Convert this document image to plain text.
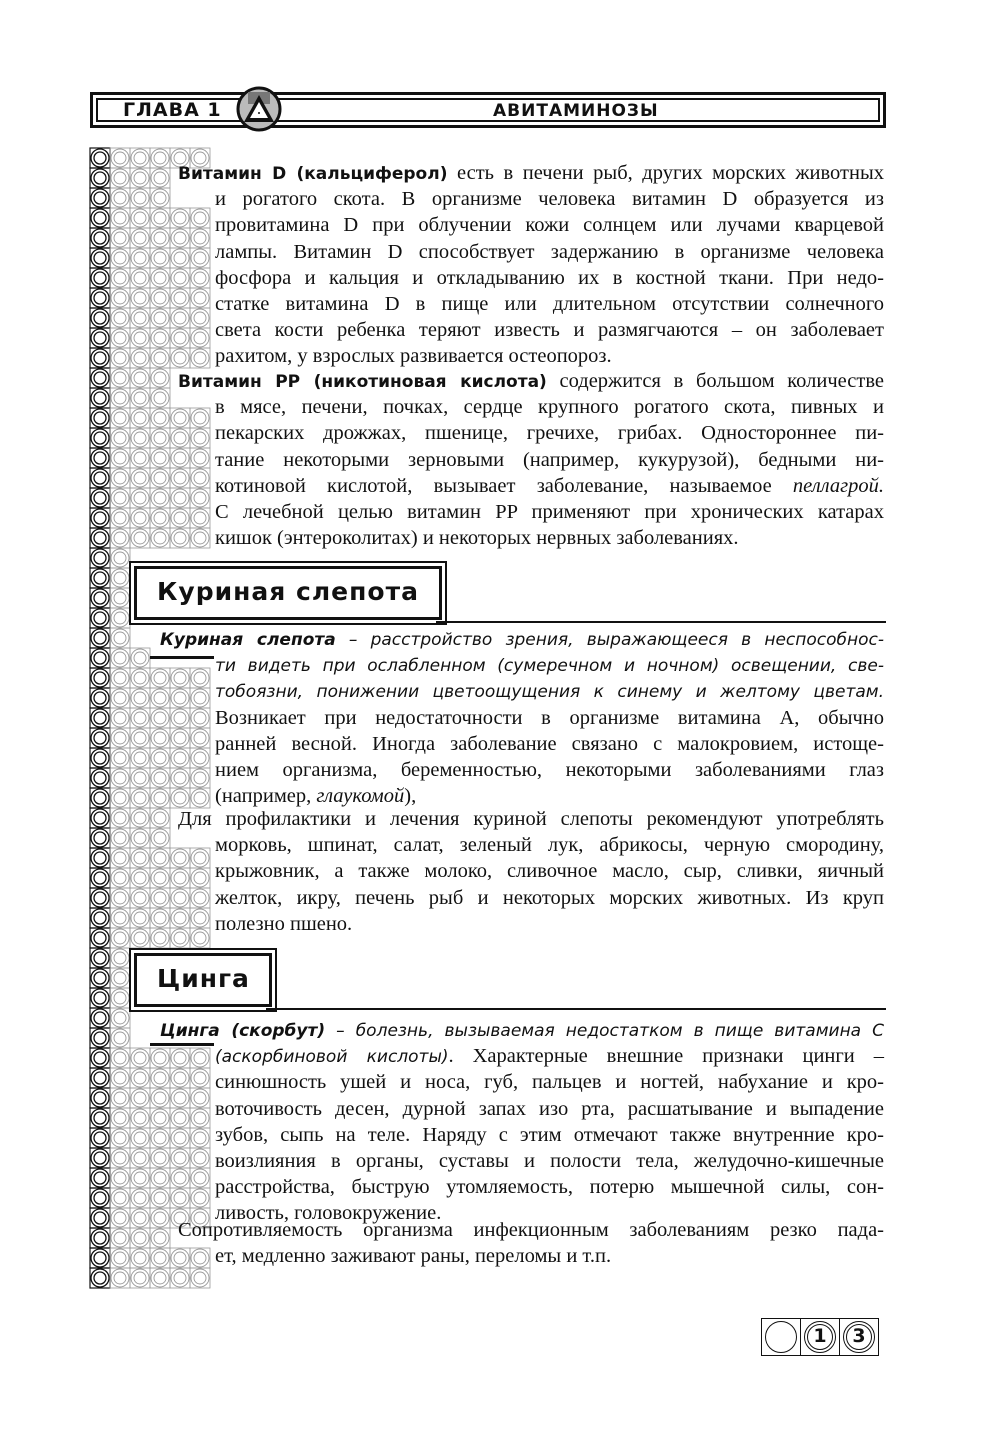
ГЛАВА 1	АВИТАМИНОЗЫ
Витамин D (кальциферол) есть в печени рыб, других морских животных
и рогатого скота. В организме человека витамин D образуется из
провитамина D при облучении кожи солнцем или лучами кварцевой
лампы. Витамин D способствует задержанию в организме человека
фосфора и кальция и откладыванию их в костной ткани. При недо-
статке витамина D в пище или длительном отсутствии солнечного
света кости ребенка теряют известь и размягчаются – он заболевает
рахитом, у взрослых развивается остеопороз.
Витамин PP (никотиновая кислота) содержится в большом количестве
в мясе, печени, почках, сердце крупного рогатого скота, пивных и
пекарских дрожжах, пшенице, гречихе, грибах. Одностороннее пи-
тание некоторыми зерновыми (например, кукурузой), бедными ни-
котиновой кислотой, вызывает заболевание, называемое пеллагрой.
С лечебной целью витамин PP применяют при хронических катарах
кишок (энтероколитах) и некоторых нервных заболеваниях.
Куриная слепота – расстройство зрения, выражающееся в неспособнос-
ти видеть при ослабленном (сумеречном и ночном) освещении, све-
тобоязни, понижении цветоощущения к синему и желтому цветам.
Возникает при недостаточности в организме витамина А, обычно
ранней весной. Иногда заболевание связано с малокровием, истоще-
нием организма, беременностью, некоторыми заболеваниями глаз
(например, глаукомой),
Для профилактики и лечения куриной слепоты рекомендуют употреблять
морковь, шпинат, салат, зеленый лук, абрикосы, черную смородину,
крыжовник, а также молоко, сливочное масло, сыр, сливки, яичный
желток, икру, печень рыб и некоторых морских животных. Из круп
полезно пшено.
Цинга (скорбут) – болезнь, вызываемая недостатком в пище витамина С
(аскорбиновой кислоты). Характерные внешние признаки цинги –
синюшность ушей и носа, губ, пальцев и ногтей, набухание и кро-
воточивость десен, дурной запах изо рта, расшатывание и выпадение
зубов, сыпь на теле. Наряду с этим отмечают также внутренние кро-
воизлияния в органы, суставы и полости тела, желудочно-кишечные
расстройства, быструю утомляемость, потерю мышечной силы, сон-
ливость, головокружение.
Сопротивляемость организма инфекционным заболеваниям резко пада-
ет, медленно заживают раны, переломы и т.п.
Куриная слепота
Цинга
1	3
